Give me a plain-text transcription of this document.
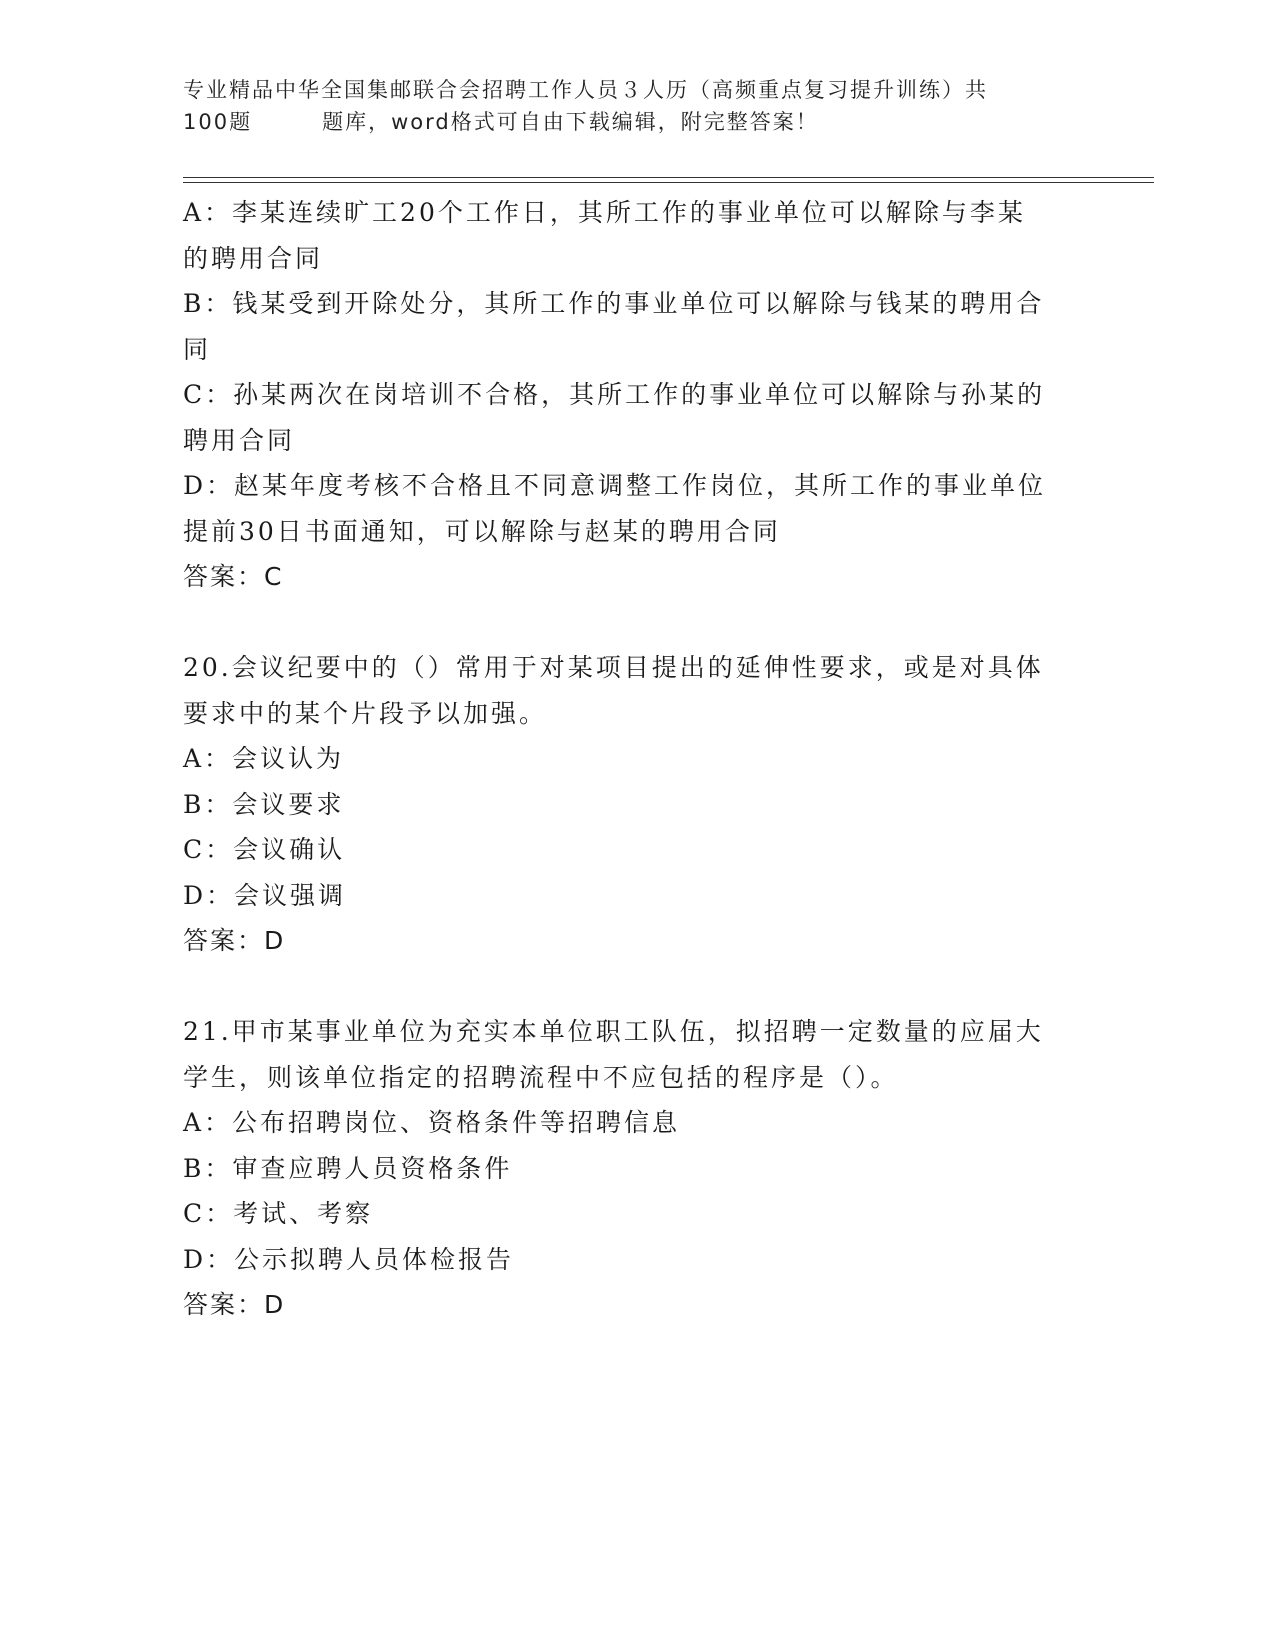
专业精品中华全国集邮联合会招聘工作人员３人历（高频重点复习提升训练）共
100题	题库，word格式可自由下载编辑，附完整答案！
A：李某连续旷工20个工作日，其所工作的事业单位可以解除与李某
的聘用合同
B：钱某受到开除处分，其所工作的事业单位可以解除与钱某的聘用合
同
C：孙某两次在岗培训不合格，其所工作的事业单位可以解除与孙某的
聘用合同
D：赵某年度考核不合格且不同意调整工作岗位，其所工作的事业单位
提前30日书面通知，可以解除与赵某的聘用合同
答案：C
20.会议纪要中的（）常用于对某项目提出的延伸性要求，或是对具体
要求中的某个片段予以加强。
A：会议认为
B：会议要求
C：会议确认
D：会议强调
答案：D
21.甲市某事业单位为充实本单位职工队伍，拟招聘一定数量的应届大
学生，则该单位指定的招聘流程中不应包括的程序是（）。
A：公布招聘岗位、资格条件等招聘信息
B：审查应聘人员资格条件
C：考试、考察
D：公示拟聘人员体检报告
答案：D
